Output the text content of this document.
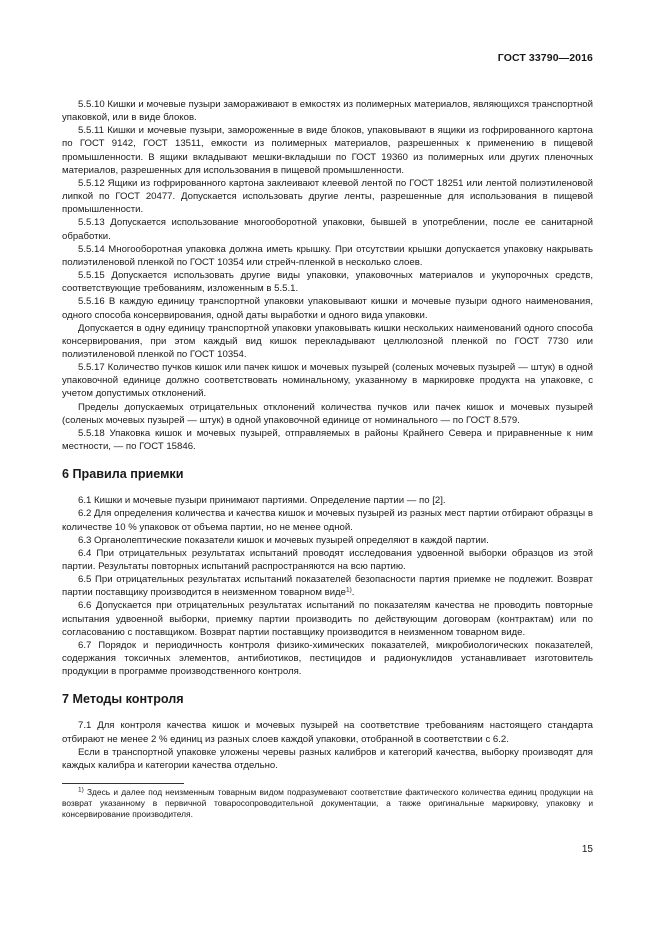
ГОСТ 33790—2016

5.5.10 Кишки и мочевые пузыри замораживают в емкостях из полимерных материалов, являющихся транспортной упаковкой, или в виде блоков.

5.5.11 Кишки и мочевые пузыри, замороженные в виде блоков, упаковывают в ящики из гофрированного картона по ГОСТ 9142, ГОСТ 13511, емкости из полимерных материалов, разрешенных к применению в пищевой промышленности. В ящики вкладывают мешки-вкладыши по ГОСТ 19360 из полимерных или других пленочных материалов, разрешенных для использования в пищевой промышленности.

5.5.12 Ящики из гофрированного картона заклеивают клеевой лентой по ГОСТ 18251 или лентой полиэтиленовой липкой по ГОСТ 20477. Допускается использовать другие ленты, разрешенные для использования в пищевой промышленности.

5.5.13 Допускается использование многооборотной упаковки, бывшей в употреблении, после ее санитарной обработки.

5.5.14 Многооборотная упаковка должна иметь крышку. При отсутствии крышки допускается упаковку накрывать полиэтиленовой пленкой по ГОСТ 10354 или стрейч-пленкой в несколько слоев.

5.5.15 Допускается использовать другие виды упаковки, упаковочных материалов и укупорочных средств, соответствующие требованиям, изложенным в 5.5.1.

5.5.16 В каждую единицу транспортной упаковки упаковывают кишки и мочевые пузыри одного наименования, одного способа консервирования, одной даты выработки и одного вида упаковки.

Допускается в одну единицу транспортной упаковки упаковывать кишки нескольких наименований одного способа консервирования, при этом каждый вид кишок перекладывают целлюлозной пленкой по ГОСТ 7730 или полиэтиленовой пленкой по ГОСТ 10354.

5.5.17 Количество пучков кишок или пачек кишок и мочевых пузырей (соленых мочевых пузырей — штук) в одной упаковочной единице должно соответствовать номинальному, указанному в маркировке продукта на упаковке, с учетом допустимых отклонений.

Пределы допускаемых отрицательных отклонений количества пучков или пачек кишок и мочевых пузырей (соленых мочевых пузырей — штук) в одной упаковочной единице от номинального — по ГОСТ 8.579.

5.5.18 Упаковка кишок и мочевых пузырей, отправляемых в районы Крайнего Севера и приравненные к ним местности, — по ГОСТ 15846.

6 Правила приемки

6.1 Кишки и мочевые пузыри принимают партиями. Определение партии — по [2].

6.2 Для определения количества и качества кишок и мочевых пузырей из разных мест партии отбирают образцы в количестве 10 % упаковок от объема партии, но не менее одной.

6.3 Органолептические показатели кишок и мочевых пузырей определяют в каждой партии.

6.4 При отрицательных результатах испытаний проводят исследования удвоенной выборки образцов из этой партии. Результаты повторных испытаний распространяются на всю партию.

6.5 При отрицательных результатах испытаний показателей безопасности партия приемке не подлежит. Возврат партии поставщику производится в неизменном товарном виде$^{1)}$.

6.6 Допускается при отрицательных результатах испытаний по показателям качества не проводить повторные испытания удвоенной выборки, приемку партии производить по действующим договорам (контрактам) или по согласованию с поставщиком. Возврат партии поставщику производится в неизменном товарном виде.

6.7 Порядок и периодичность контроля физико-химических показателей, микробиологических показателей, содержания токсичных элементов, антибиотиков, пестицидов и радионуклидов устанавливает изготовитель продукции в программе производственного контроля.

7 Методы контроля

7.1 Для контроля качества кишок и мочевых пузырей на соответствие требованиям настоящего стандарта отбирают не менее 2 % единиц из разных слоев каждой упаковки, отобранной в соответствии с 6.2.

Если в транспортной упаковке уложены черевы разных калибров и категорий качества, выборку производят для каждых калибра и категории качества отдельно.

$^{1)}$ Здесь и далее под неизменным товарным видом подразумевают соответствие фактического количества единиц продукции на возврат указанному в первичной товаросопроводительной документации, а также оригинальные маркировку, упаковку и консервирование производителя.

15
